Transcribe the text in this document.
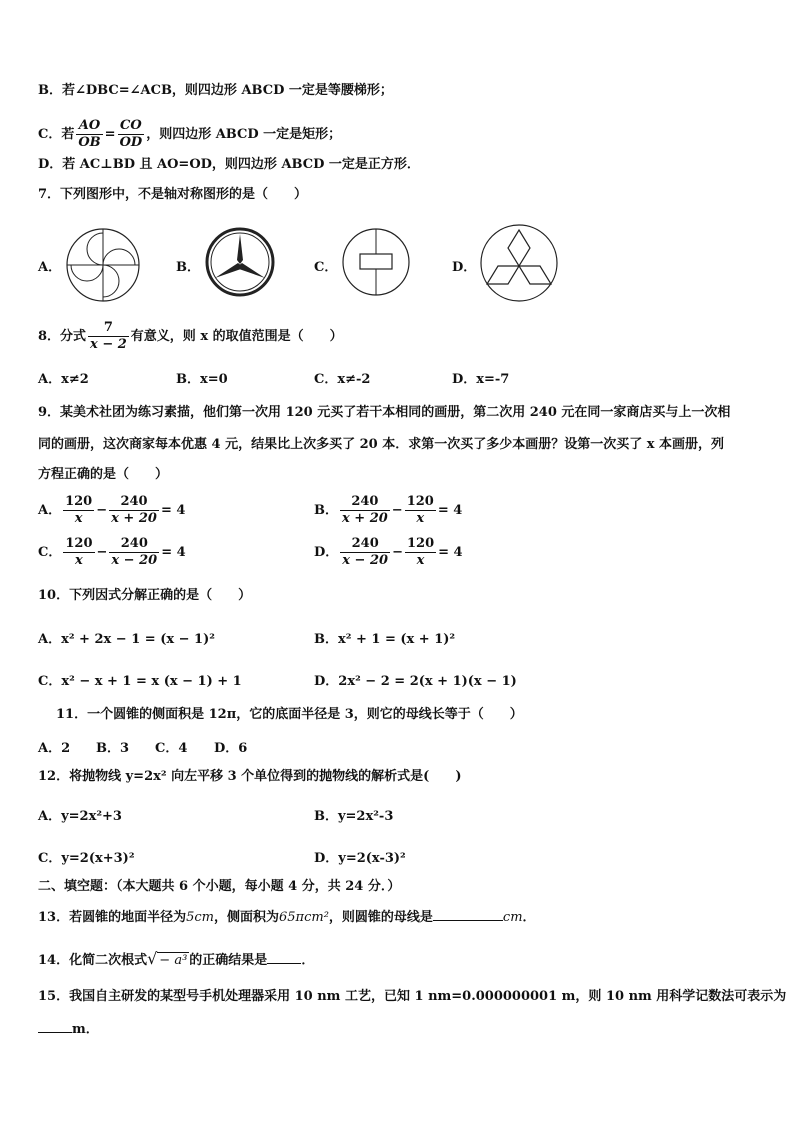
B．若∠DBC=∠ACB，则四边形 ABCD 一定是等腰梯形；
C．若 $\frac{AO}{OB} = \frac{CO}{OD}$ ，则四边形 ABCD 一定是矩形；
D．若 AC⊥BD 且 AO=OD，则四边形 ABCD 一定是正方形．
7．下列图形中，不是轴对称图形的是（　　）
A．	B．	C．	D．
8．分式 $\frac{7}{x - 2}$ 有意义，则 x 的取值范围是（　　）
A．x≠2	B．x=0	C．x≠-2	D．x=-7
9．某美术社团为练习素描，他们第一次用 120 元买了若干本相同的画册，第二次用 240 元在同一家商店买与上一次相
同的画册，这次商家每本优惠 4 元，结果比上次多买了 20 本．求第一次买了多少本画册？设第一次买了 x 本画册，列
方程正确的是（　　）
A． $\frac{120}{x} - \frac{240}{x + 20} = 4$	B． $\frac{240}{x + 20} - \frac{120}{x} = 4$
C． $\frac{120}{x} - \frac{240}{x - 20} = 4$	D． $\frac{240}{x - 20} - \frac{120}{x} = 4$
10．下列因式分解正确的是（　　）
A．x² + 2x − 1 = (x − 1)²	B．x² + 1 = (x + 1)²
C．x² − x + 1 = x (x − 1) + 1	D．2x² − 2 = 2(x + 1)(x − 1)
11．一个圆锥的侧面积是 12π，它的底面半径是 3，则它的母线长等于（　　）
A．2 B．3 C．4 D．6
12．将抛物线 y=2x² 向左平移 3 个单位得到的抛物线的解析式是(　　)
A．y=2x²+3	B．y=2x²-3
C．y=2(x+3)²	D．y=2(x-3)²
二、填空题：（本大题共 6 个小题，每小题 4 分，共 24 分．）
13．若圆锥的地面半径为5cm，侧面积为65πcm²，则圆锥的母线是	cm．
14．化简二次根式√ − a³ 的正确结果是	．
15．我国自主研发的某型号手机处理器采用 10 nm 工艺，已知 1 nm=0.000000001 m，则 10 nm 用科学记数法可表示为
m．
